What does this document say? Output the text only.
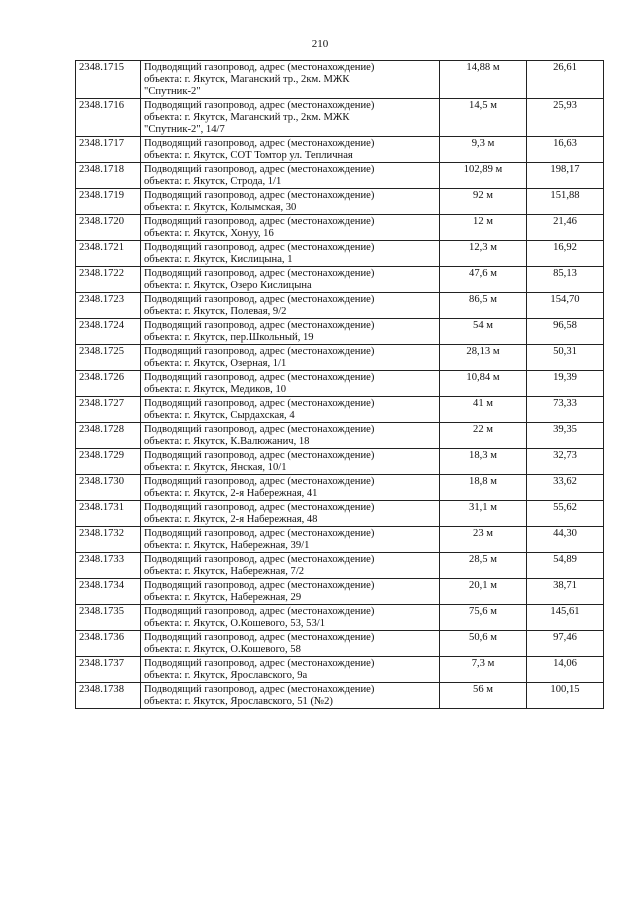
210
2348.1715	Подводящий газопровод, адрес (местонахождение)
объекта: г. Якутск, Маганский тр., 2км. МЖК
"Спутник-2"	14,88 м	26,61
2348.1716	Подводящий газопровод, адрес (местонахождение)
объекта: г. Якутск, Маганский тр., 2км. МЖК
"Спутник-2", 14/7	14,5 м	25,93
2348.1717	Подводящий газопровод, адрес (местонахождение)
объекта: г. Якутск, СОТ Томтор ул. Тепличная	9,3 м	16,63
2348.1718	Подводящий газопровод, адрес (местонахождение)
объекта: г. Якутск, Строда, 1/1	102,89 м	198,17
2348.1719	Подводящий газопровод, адрес (местонахождение)
объекта: г. Якутск, Колымская, 30	92 м	151,88
2348.1720	Подводящий газопровод, адрес (местонахождение)
объекта: г. Якутск, Хонуу, 16	12 м	21,46
2348.1721	Подводящий газопровод, адрес (местонахождение)
объекта: г. Якутск, Кислицына, 1	12,3 м	16,92
2348.1722	Подводящий газопровод, адрес (местонахождение)
объекта: г. Якутск, Озеро Кислицына	47,6 м	85,13
2348.1723	Подводящий газопровод, адрес (местонахождение)
объекта: г. Якутск, Полевая, 9/2	86,5 м	154,70
2348.1724	Подводящий газопровод, адрес (местонахождение)
объекта: г. Якутск, пер.Школьный, 19	54 м	96,58
2348.1725	Подводящий газопровод, адрес (местонахождение)
объекта: г. Якутск, Озерная, 1/1	28,13 м	50,31
2348.1726	Подводящий газопровод, адрес (местонахождение)
объекта: г. Якутск, Медиков, 10	10,84 м	19,39
2348.1727	Подводящий газопровод, адрес (местонахождение)
объекта: г. Якутск, Сырдахская, 4	41 м	73,33
2348.1728	Подводящий газопровод, адрес (местонахождение)
объекта: г. Якутск, К.Валюжанич, 18	22 м	39,35
2348.1729	Подводящий газопровод, адрес (местонахождение)
объекта: г. Якутск, Янская, 10/1	18,3 м	32,73
2348.1730	Подводящий газопровод, адрес (местонахождение)
объекта: г. Якутск, 2-я Набережная, 41	18,8 м	33,62
2348.1731	Подводящий газопровод, адрес (местонахождение)
объекта: г. Якутск, 2-я Набережная, 48	31,1 м	55,62
2348.1732	Подводящий газопровод, адрес (местонахождение)
объекта: г. Якутск, Набережная, 39/1	23 м	44,30
2348.1733	Подводящий газопровод, адрес (местонахождение)
объекта: г. Якутск, Набережная, 7/2	28,5 м	54,89
2348.1734	Подводящий газопровод, адрес (местонахождение)
объекта: г. Якутск, Набережная, 29	20,1 м	38,71
2348.1735	Подводящий газопровод, адрес (местонахождение)
объекта: г. Якутск, О.Кошевого, 53, 53/1	75,6 м	145,61
2348.1736	Подводящий газопровод, адрес (местонахождение)
объекта: г. Якутск, О.Кошевого, 58	50,6 м	97,46
2348.1737	Подводящий газопровод, адрес (местонахождение)
объекта: г. Якутск, Ярославского, 9а	7,3 м	14,06
2348.1738	Подводящий газопровод, адрес (местонахождение)
объекта: г. Якутск, Ярославского, 51 (№2)	56 м	100,15
